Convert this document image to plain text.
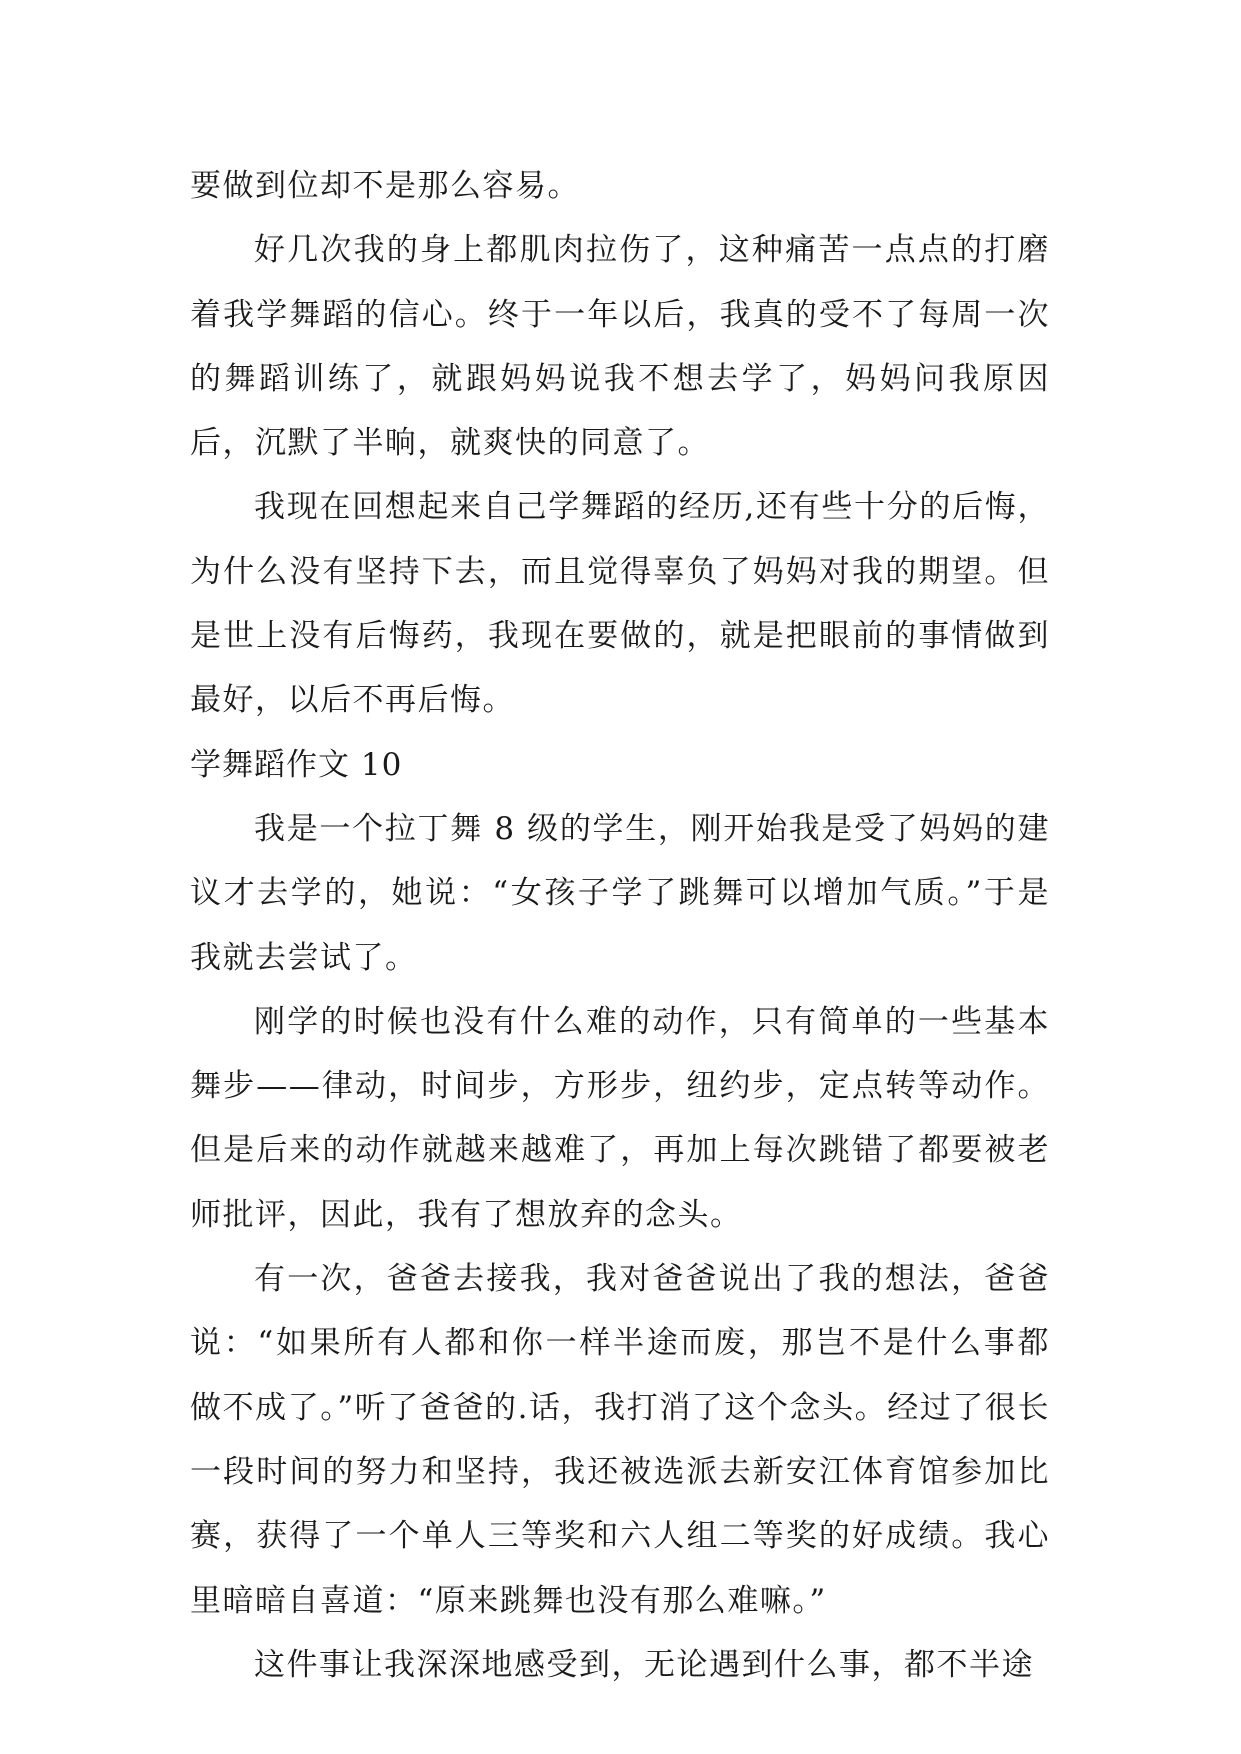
要做到位却不是那么容易。

好几次我的身上都肌肉拉伤了，这种痛苦一点点的打磨着我学舞蹈的信心。终于一年以后，我真的受不了每周一次的舞蹈训练了，就跟妈妈说我不想去学了，妈妈问我原因后，沉默了半晌，就爽快的同意了。

我现在回想起来自己学舞蹈的经历,还有些十分的后悔，为什么没有坚持下去，而且觉得辜负了妈妈对我的期望。但是世上没有后悔药，我现在要做的，就是把眼前的事情做到最好，以后不再后悔。

学舞蹈作文 10

我是一个拉丁舞 8 级的学生，刚开始我是受了妈妈的建议才去学的，她说：“女孩子学了跳舞可以增加气质。”于是我就去尝试了。

刚学的时候也没有什么难的动作，只有简单的一些基本舞步——律动，时间步，方形步，纽约步，定点转等动作。但是后来的动作就越来越难了，再加上每次跳错了都要被老师批评，因此，我有了想放弃的念头。

有一次，爸爸去接我，我对爸爸说出了我的想法，爸爸说：“如果所有人都和你一样半途而废，那岂不是什么事都做不成了。”听了爸爸的.话，我打消了这个念头。经过了很长一段时间的努力和坚持，我还被选派去新安江体育馆参加比赛，获得了一个单人三等奖和六人组二等奖的好成绩。我心里暗暗自喜道：“原来跳舞也没有那么难嘛。”

这件事让我深深地感受到，无论遇到什么事，都不半途
